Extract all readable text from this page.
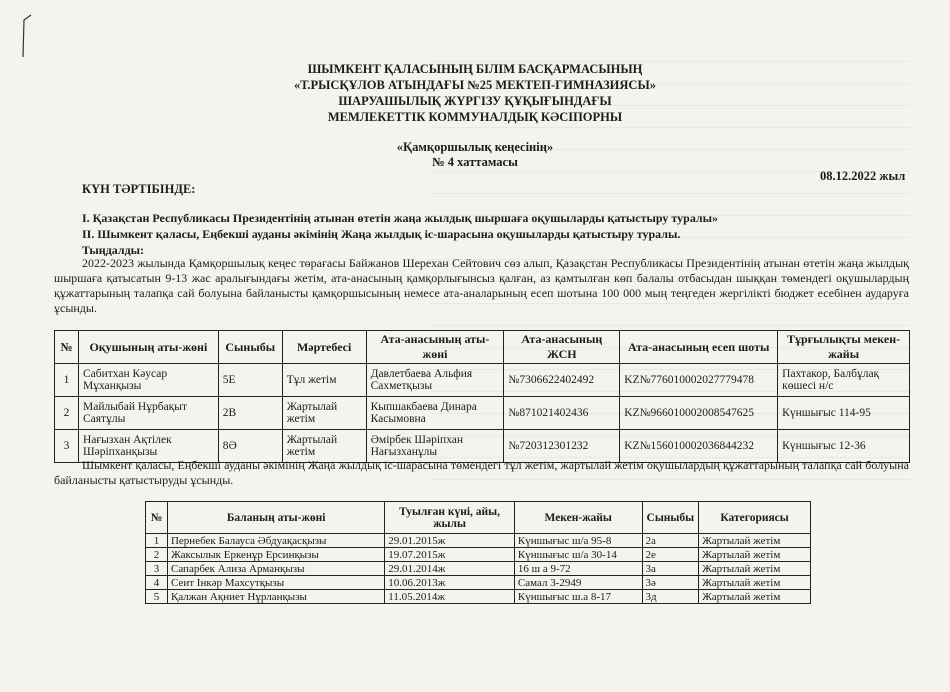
ШЫМКЕНТ ҚАЛАСЫНЫҢ БІЛІМ БАСҚАРМАСЫНЫҢ
«Т.РЫСҚҰЛОВ АТЫНДАҒЫ №25 МЕКТЕП-ГИМНАЗИЯСЫ»
ШАРУАШЫЛЫҚ ЖҮРГІЗУ ҚҰҚЫҒЫНДАҒЫ
МЕМЛЕКЕТТІК КОММУНАЛДЫҚ КӘСІПОРНЫ
«Қамқоршылық кеңесінің»
№ 4 хаттамасы
08.12.2022 жыл
КҮН ТӘРТІБІНДЕ:
І. Қазақстан Республикасы Президентінің атынан өтетін жаңа жылдық шыршаға оқушыларды қатыстыру туралы»
ІІ. Шымкент қаласы, Еңбекші ауданы әкімінің Жаңа жылдық іс-шарасына оқушыларды қатыстыру туралы.
Тыңдалды:
2022-2023 жылында Қамқоршылық кеңес төрағасы Байжанов Шерехан Сейтович сөз алып, Қазақстан Республикасы Президентінің атынан өтетін жаңа жылдық шыршаға қатысатын 9-13 жас аралығындағы жетім, ата-анасының қамқорлығынсыз қалған, аз қамтылған көп балалы отбасыдан шыққан төмендегі оқушылардың құжаттарының талапқа сай болуына байланысты қамқоршысының немесе ата-аналарының есеп шотына 100 000 мың теңгеден жергілікті бюджет есебінен аударуға ұсынды.
№	Оқушының аты-жөні	Сыныбы	Мәртебесі	Ата-анасының аты-жөні	Ата-анасының ЖСН	Ата-анасының есеп шоты	Тұрғылықты мекен-жайы
1	Сабитхан Кәусар Мұханқызы	5Е	Тұл жетім	Давлетбаева Альфия Сахметқызы	№7306622402492	KZ№776010002027779478	Пахтакор, Балбұлақ көшесі н/с
2	Майлыбай Нұрбақыт Саятұлы	2В	Жартылай жетім	Кыпшакбаева Динара Касымовна	№871021402436	KZ№966010002008547625	Күншығыс 114-95
3	Нағызхан Ақтілек Шәріпханқызы	8Ә	Жартылай жетім	Әмірбек Шәріпхан Нағызханұлы	№720312301232	KZ№156010002036844232	Күншығыс 12-36
Шымкент қаласы, Еңбекші ауданы әкімінің Жаңа жылдық іс-шарасына төмендегі тұл жетім, жартылай жетім оқушылардың құжаттарының талапқа сай болуына байланысты қатыстыруды ұсынды.
№	Баланың аты-жөні	Туылған күні, айы, жылы	Мекен-жайы	Сыныбы	Категориясы
1	Пернебек Балауса Әбдуақасқызы	29.01.2015ж	Күншығыс ш/а 95-8	2а	Жартылай жетім
2	Жаксылык Еркенұр Ерсинқызы	19.07.2015ж	Күншығыс ш/а 30-14	2е	Жартылай жетім
3	Сапарбек Ализа Арманқызы	29.01.2014ж	16 ш а 9-72	3а	Жартылай жетім
4	Сеит Інкәр Махсутқызы	10.06.2013ж	Самал 3-2949	3ә	Жартылай жетім
5	Қалжан Ақниет Нұрланқызы	11.05.2014ж	Күншығыс ш.а 8-17	3д	Жартылай жетім
